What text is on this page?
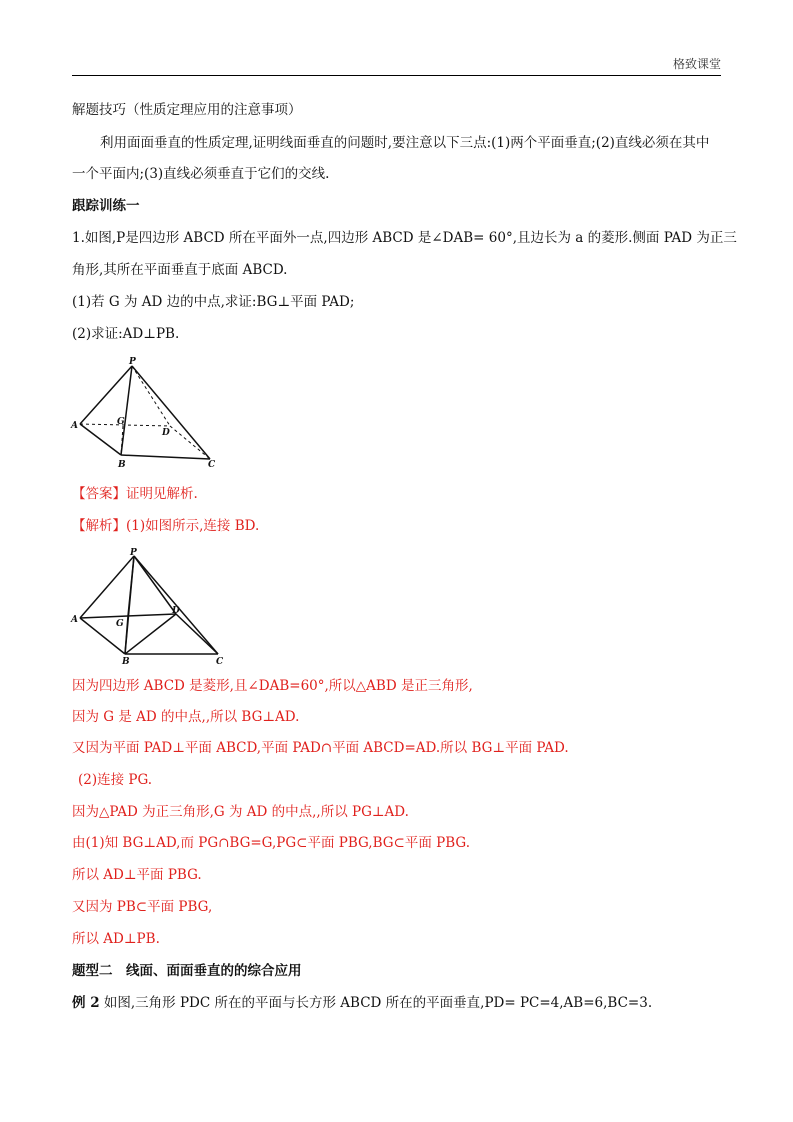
格致课堂
解题技巧（性质定理应用的注意事项）
利用面面垂直的性质定理,证明线面垂直的问题时,要注意以下三点:(1)两个平面垂直;(2)直线必须在其中
一个平面内;(3)直线必须垂直于它们的交线.
跟踪训练一
1.如图,P是四边形 ABCD 所在平面外一点,四边形 ABCD 是∠DAB= 60°,且边长为 a 的菱形.侧面 PAD 为正三
角形,其所在平面垂直于底面 ABCD.
(1)若 G 为 AD 边的中点,求证:BG⊥平面 PAD;
(2)求证:AD⊥PB.
P
G
D
A
B	C
【答案】证明见解析.
【解析】(1)如图所示,连接 BD.
P
G
D
A
B	C
因为四边形 ABCD 是菱形,且∠DAB=60°,所以△ABD 是正三角形,
因为 G 是 AD 的中点,,所以 BG⊥AD.
又因为平面 PAD⊥平面 ABCD,平面 PAD∩平面 ABCD=AD.所以 BG⊥平面 PAD.
(2)连接 PG.
因为△PAD 为正三角形,G 为 AD 的中点,,所以 PG⊥AD.
由(1)知 BG⊥AD,而 PG∩BG=G,PG⊂平面 PBG,BG⊂平面 PBG.
所以 AD⊥平面 PBG.
又因为 PB⊂平面 PBG,
所以 AD⊥PB.
题型二　线面、面面垂直的的综合应用
例 2 如图,三角形 PDC 所在的平面与长方形 ABCD 所在的平面垂直,PD= PC=4,AB=6,BC=3.
